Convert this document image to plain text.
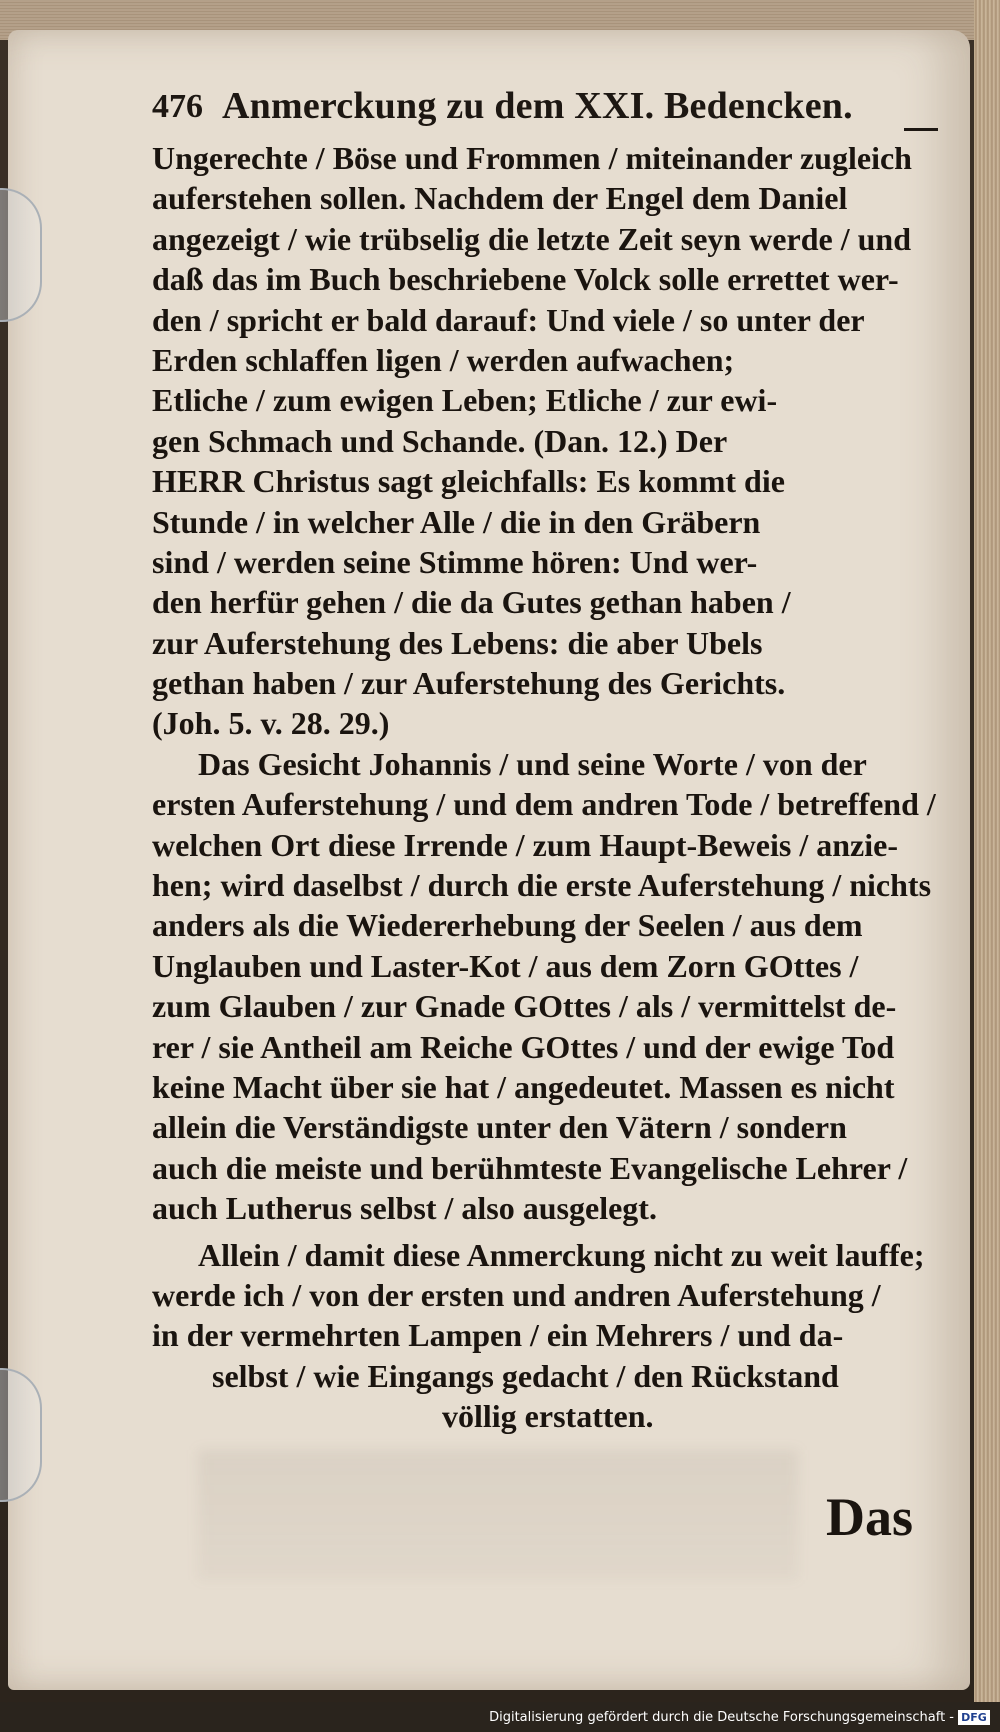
476 Anmerckung zu dem XXI. Bedencken.
Ungerechte / Böse und Frommen / miteinander zugleich
auferstehen sollen. Nachdem der Engel dem Daniel
angezeigt / wie trübselig die letzte Zeit seyn werde / und
daß das im Buch beschriebene Volck solle errettet wer-
den / spricht er bald darauf: Und viele / so unter der
Erden schlaffen ligen / werden aufwachen;
Etliche / zum ewigen Leben; Etliche / zur ewi-
gen Schmach und Schande. (Dan. 12.) Der
HERR Christus sagt gleichfalls: Es kommt die
Stunde / in welcher Alle / die in den Gräbern
sind / werden seine Stimme hören: Und wer-
den herfür gehen / die da Gutes gethan haben /
zur Auferstehung des Lebens: die aber Ubels
gethan haben / zur Auferstehung des Gerichts.
(Joh. 5. v. 28. 29.)
Das Gesicht Johannis / und seine Worte / von der
ersten Auferstehung / und dem andren Tode / betreffend /
welchen Ort diese Irrende / zum Haupt-Beweis / anzie-
hen; wird daselbst / durch die erste Auferstehung / nichts
anders als die Wiedererhebung der Seelen / aus dem
Unglauben und Laster-Kot / aus dem Zorn GOttes /
zum Glauben / zur Gnade GOttes / als / vermittelst de-
rer / sie Antheil am Reiche GOttes / und der ewige Tod
keine Macht über sie hat / angedeutet. Massen es nicht
allein die Verständigste unter den Vätern / sondern
auch die meiste und berühmteste Evangelische Lehrer /
auch Lutherus selbst / also ausgelegt.
Allein / damit diese Anmerckung nicht zu weit lauffe;
werde ich / von der ersten und andren Auferstehung /
in der vermehrten Lampen / ein Mehrers / und da-
selbst / wie Eingangs gedacht / den Rückstand
völlig erstatten.
Das
Digitalisierung gefördert durch die Deutsche Forschungsgemeinschaft - DFG
